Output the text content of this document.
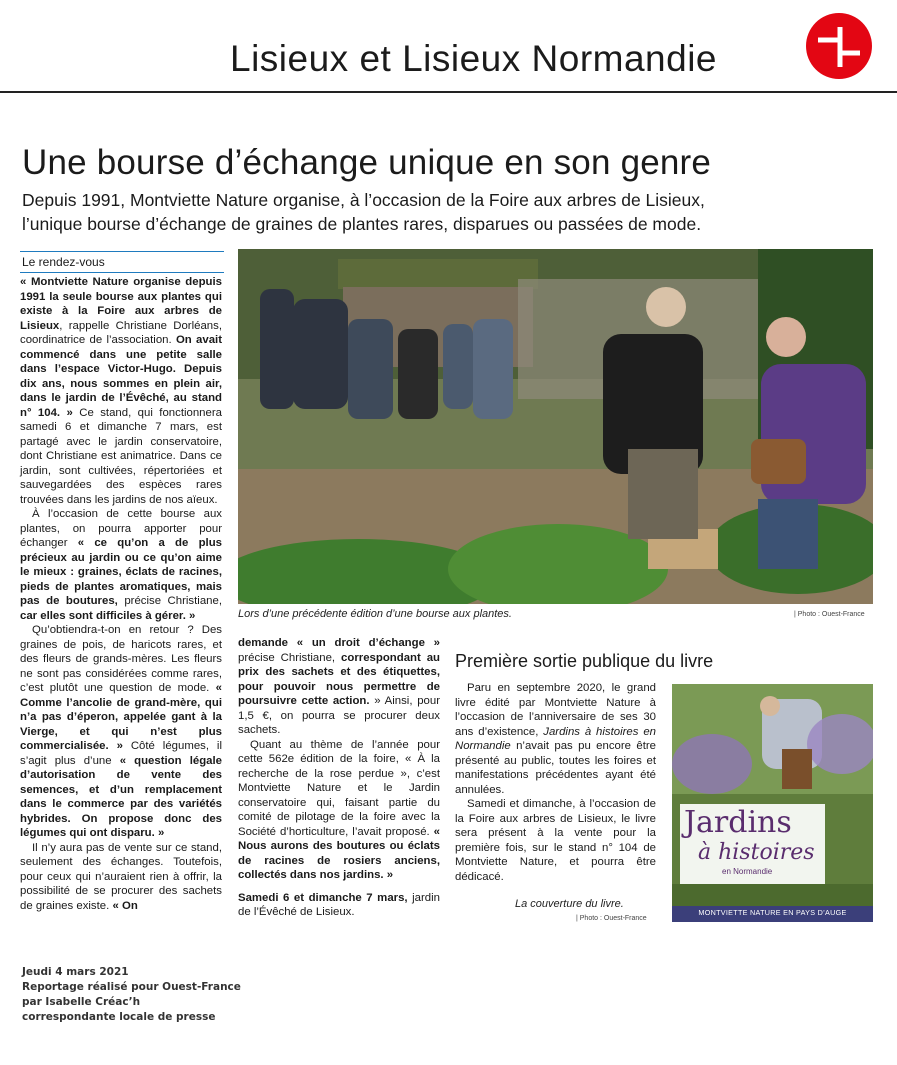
Lisieux et Lisieux Normandie
Une bourse d’échange unique en son genre
Depuis 1991, Montviette Nature organise, à l’occasion de la Foire aux arbres de Lisieux,
l’unique bourse d’échange de graines de plantes rares, disparues ou passées de mode.
Le rendez-vous

« Montviette Nature organise depuis 1991 la seule bourse aux plantes qui existe à la Foire aux arbres de Lisieux, rappelle Christiane Dorléans, coordinatrice de l’association. On avait commencé dans une petite salle dans l’espace Victor-Hugo. Depuis dix ans, nous sommes en plein air, dans le jardin de l’Évêché, au stand n° 104. » Ce stand, qui fonctionnera samedi 6 et dimanche 7 mars, est partagé avec le jardin conservatoire, dont Christiane est animatrice. Dans ce jardin, sont cultivées, répertoriées et sauvegardées des espèces rares trouvées dans les jardins de nos aïeux.

À l’occasion de cette bourse aux plantes, on pourra apporter pour échanger « ce qu’on a de plus précieux au jardin ou ce qu’on aime le mieux : graines, éclats de racines, pieds de plantes aromatiques, mais pas de boutures, précise Christiane, car elles sont difficiles à gérer. »

Qu’obtiendra-t-on en retour ? Des graines de pois, de haricots rares, et des fleurs de grands-mères. Les fleurs ne sont pas considérées comme rares, c’est plutôt une question de mode. « Comme l’ancolie de grand-mère, qui n’a pas d’éperon, appelée gant à la Vierge, et qui n’est plus commercialisée. » Côté légumes, il s’agit plus d’une « question légale d’autorisation de vente des semences, et d’un remplacement dans le commerce par des variétés hybrides. On propose donc des légumes qui ont disparu. »

Il n’y aura pas de vente sur ce stand, seulement des échanges. Toutefois, pour ceux qui n’auraient rien à offrir, la possibilité de se procurer des sachets de graines existe. « On

Lors d’une précédente édition d’une bourse aux plantes.	| Photo : Ouest-France

demande « un droit d’échange » précise Christiane, correspondant au prix des sachets et des étiquettes, pour pouvoir nous permettre de poursuivre cette action. » Ainsi, pour 1,5 €, on pourra se procurer deux sachets.

Quant au thème de l’année pour cette 562e édition de la foire, « À la recherche de la rose perdue », c’est Montviette Nature et le Jardin conservatoire qui, faisant partie du comité de pilotage de la foire avec la Société d’horticulture, l’avait proposé. « Nous aurons des boutures ou éclats de racines de rosiers anciens, collectés dans nos jardins. »

Samedi 6 et dimanche 7 mars, jardin de l’Évêché de Lisieux.

Première sortie publique du livre

Paru en septembre 2020, le grand livre édité par Montviette Nature à l’occasion de l’anniversaire de ses 30 ans d’existence, Jardins à histoires en Normandie n’avait pas pu encore être présenté au public, toutes les foires et manifestations précédentes ayant été annulées.

Samedi et dimanche, à l’occasion de la Foire aux arbres de Lisieux, le livre sera présent à la vente pour la première fois, sur le stand n° 104 de Montviette Nature, et pourra être dédicacé.

Jardins
à histoires
en Normandie
MONTVIETTE NATURE EN PAYS D’AUGE
La couverture du livre.
| Photo : Ouest-France
Jeudi 4 mars 2021
Reportage réalisé pour Ouest-France
par Isabelle Créac’h
correspondante locale de presse
